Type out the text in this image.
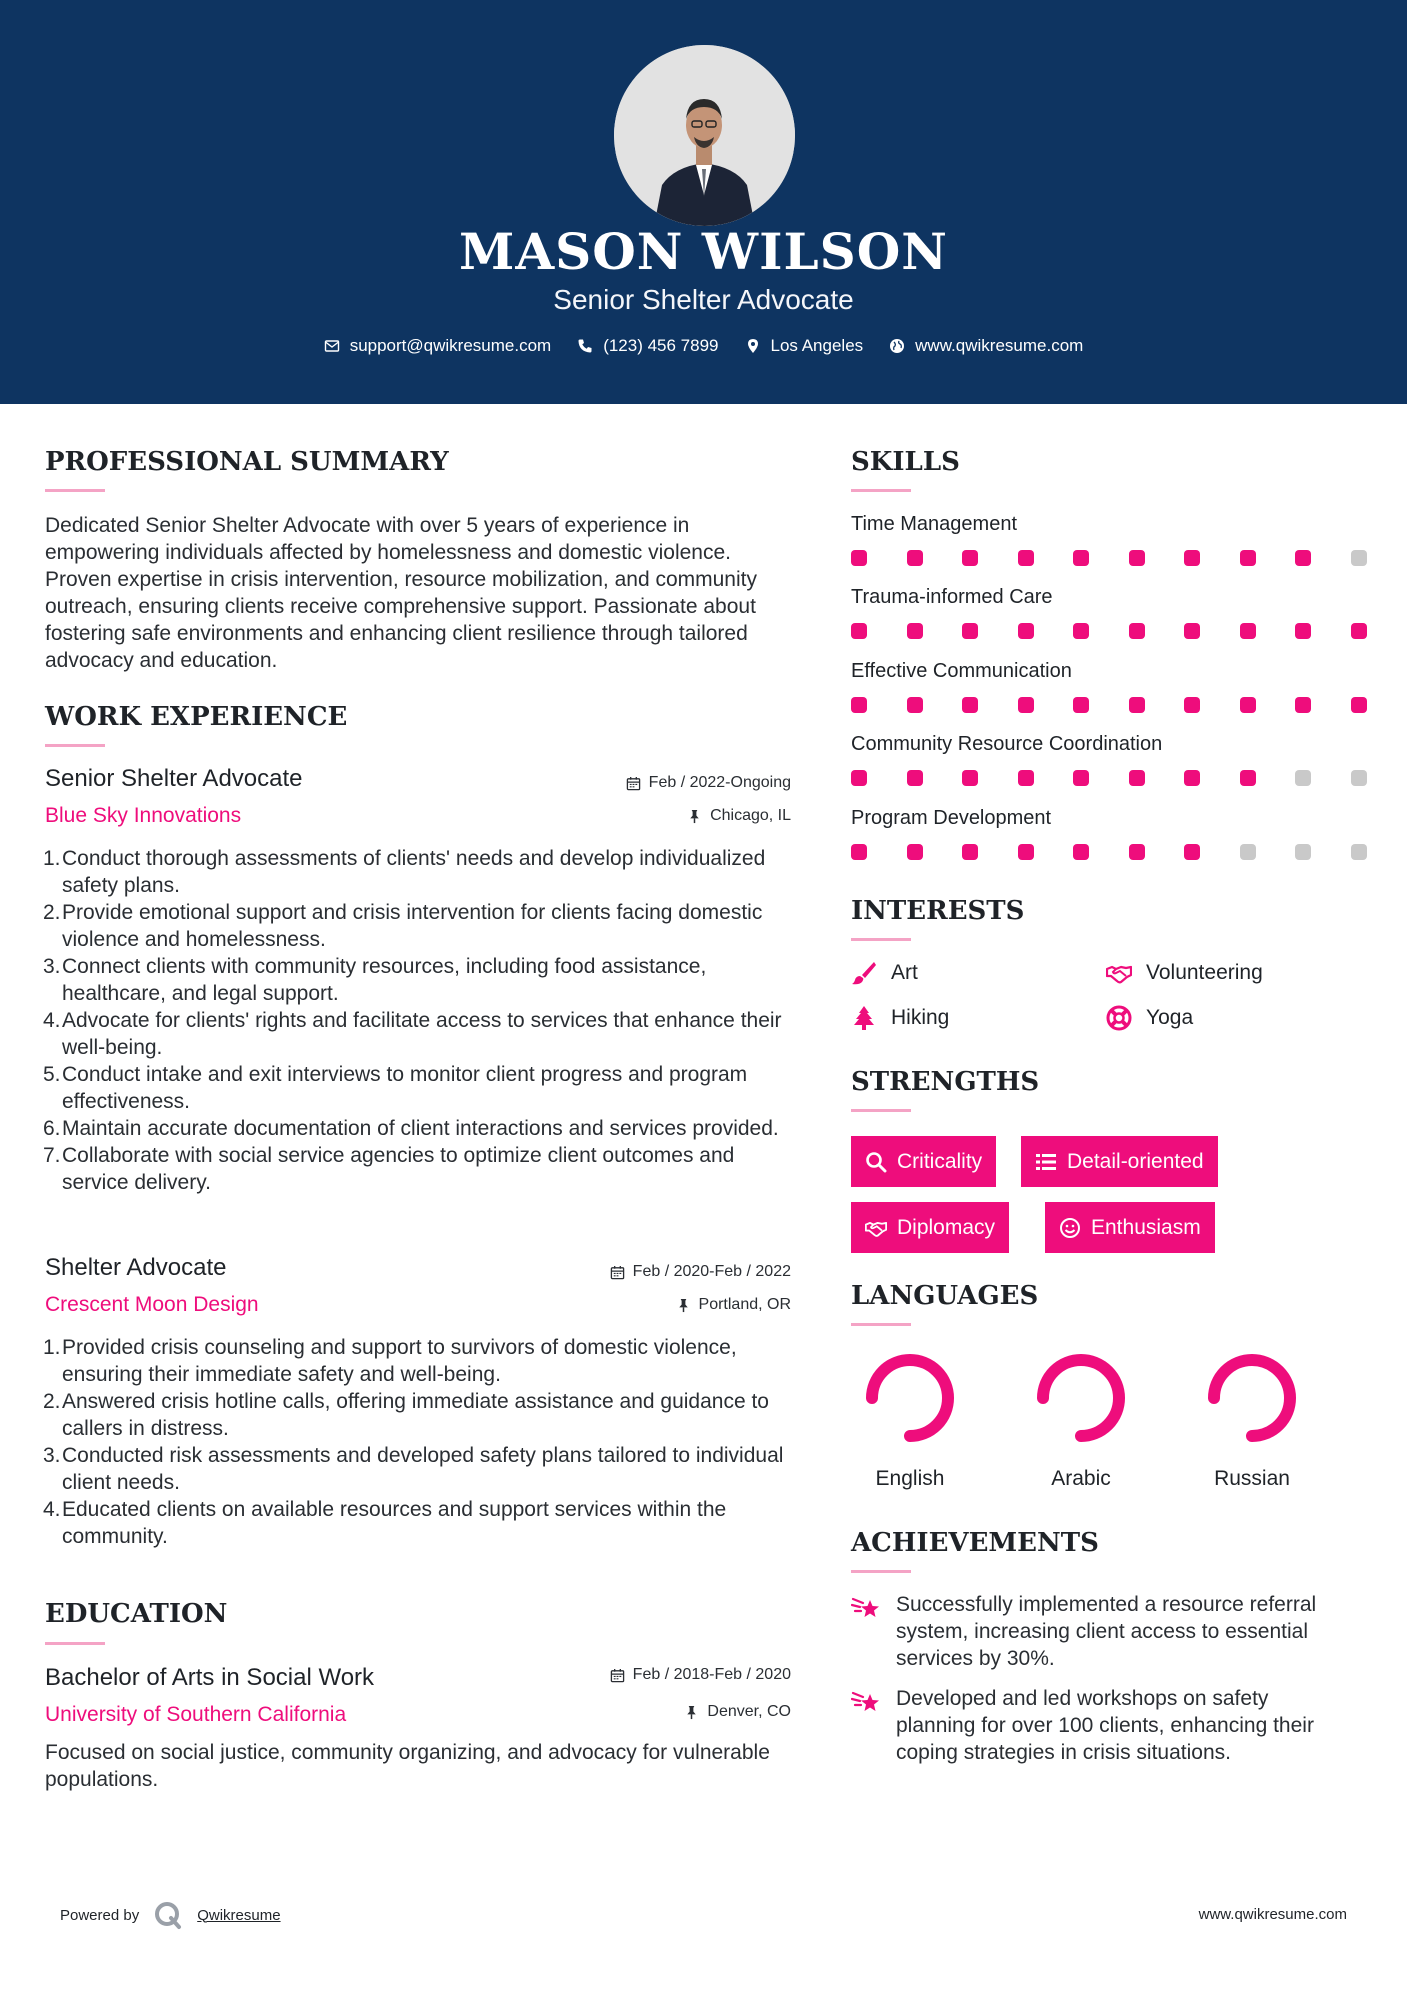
MASON WILSON
Senior Shelter Advocate
support@qwikresume.com	(123) 456 7899	Los Angeles	www.qwikresume.com
PROFESSIONAL SUMMARY
Dedicated Senior Shelter Advocate with over 5 years of experience in empowering individuals affected by homelessness and domestic violence. Proven expertise in crisis intervention, resource mobilization, and community outreach, ensuring clients receive comprehensive support. Passionate about fostering safe environments and enhancing client resilience through tailored advocacy and education.
WORK EXPERIENCE
Senior Shelter Advocate
Blue Sky Innovations
Feb / 2022-Ongoing
Chicago, IL
1. Conduct thorough assessments of clients' needs and develop individualized safety plans.
2. Provide emotional support and crisis intervention for clients facing domestic violence and homelessness.
3. Connect clients with community resources, including food assistance, healthcare, and legal support.
4. Advocate for clients' rights and facilitate access to services that enhance their well-being.
5. Conduct intake and exit interviews to monitor client progress and program effectiveness.
6. Maintain accurate documentation of client interactions and services provided.
7. Collaborate with social service agencies to optimize client outcomes and service delivery.
Shelter Advocate
Crescent Moon Design
Feb / 2020-Feb / 2022
Portland, OR
1. Provided crisis counseling and support to survivors of domestic violence, ensuring their immediate safety and well-being.
2. Answered crisis hotline calls, offering immediate assistance and guidance to callers in distress.
3. Conducted risk assessments and developed safety plans tailored to individual client needs.
4. Educated clients on available resources and support services within the community.
EDUCATION
Bachelor of Arts in Social Work
University of Southern California
Feb / 2018-Feb / 2020
Denver, CO
Focused on social justice, community organizing, and advocacy for vulnerable populations.
SKILLS
Time Management
Trauma-informed Care
Effective Communication
Community Resource Coordination
Program Development
INTERESTS
Art	Volunteering
Hiking	Yoga
STRENGTHS
Criticality	Detail-oriented
Diplomacy	Enthusiasm
LANGUAGES
English	Arabic	Russian
ACHIEVEMENTS
Successfully implemented a resource referral system, increasing client access to essential services by 30%.
Developed and led workshops on safety planning for over 100 clients, enhancing their coping strategies in crisis situations.
Powered by	Qwikresume	www.qwikresume.com
